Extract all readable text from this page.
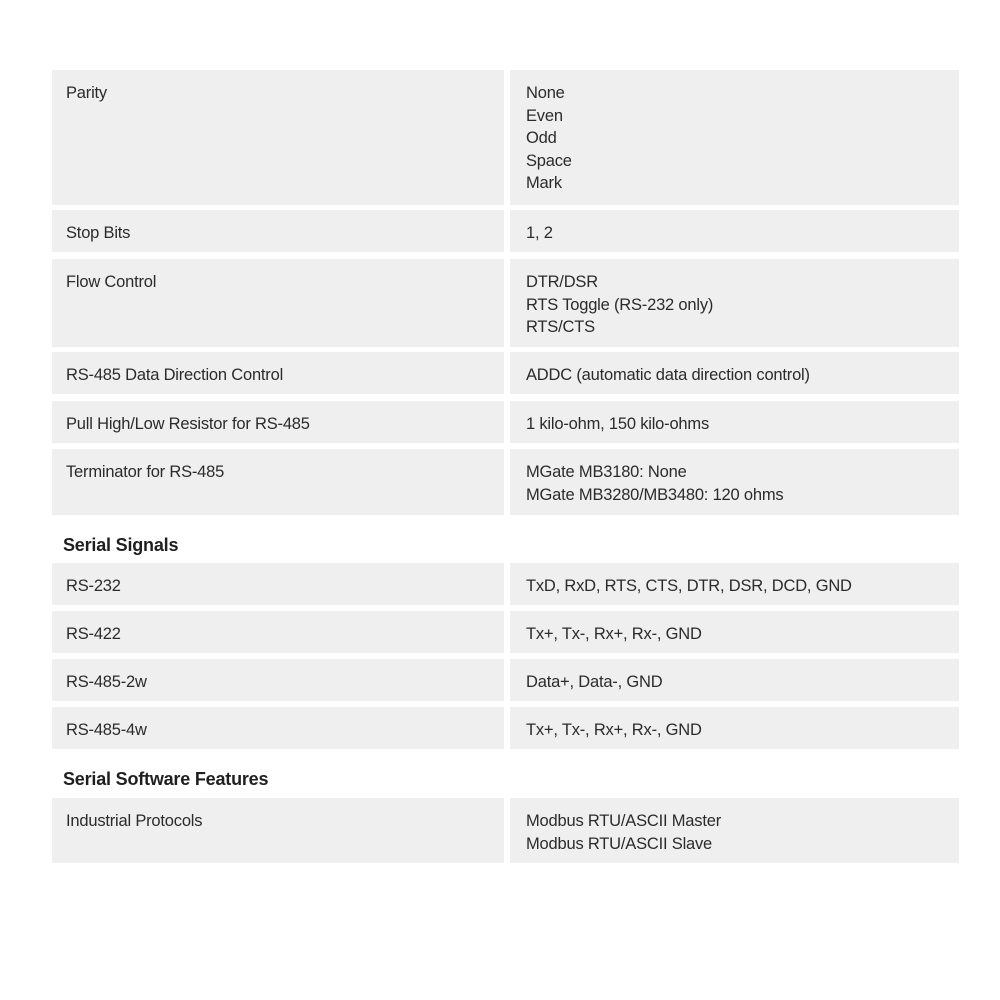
Parity	None
Even
Odd
Space
Mark
Stop Bits	1, 2
Flow Control	DTR/DSR
RTS Toggle (RS-232 only)
RTS/CTS
RS-485 Data Direction Control	ADDC (automatic data direction control)
Pull High/Low Resistor for RS-485	1 kilo-ohm, 150 kilo-ohms
Terminator for RS-485	MGate MB3180: None
MGate MB3280/MB3480: 120 ohms
Serial Signals
RS-232	TxD, RxD, RTS, CTS, DTR, DSR, DCD, GND
RS-422	Tx+, Tx-, Rx+, Rx-, GND
RS-485-2w	Data+, Data-, GND
RS-485-4w	Tx+, Tx-, Rx+, Rx-, GND
Serial Software Features
Industrial Protocols	Modbus RTU/ASCII Master
Modbus RTU/ASCII Slave
